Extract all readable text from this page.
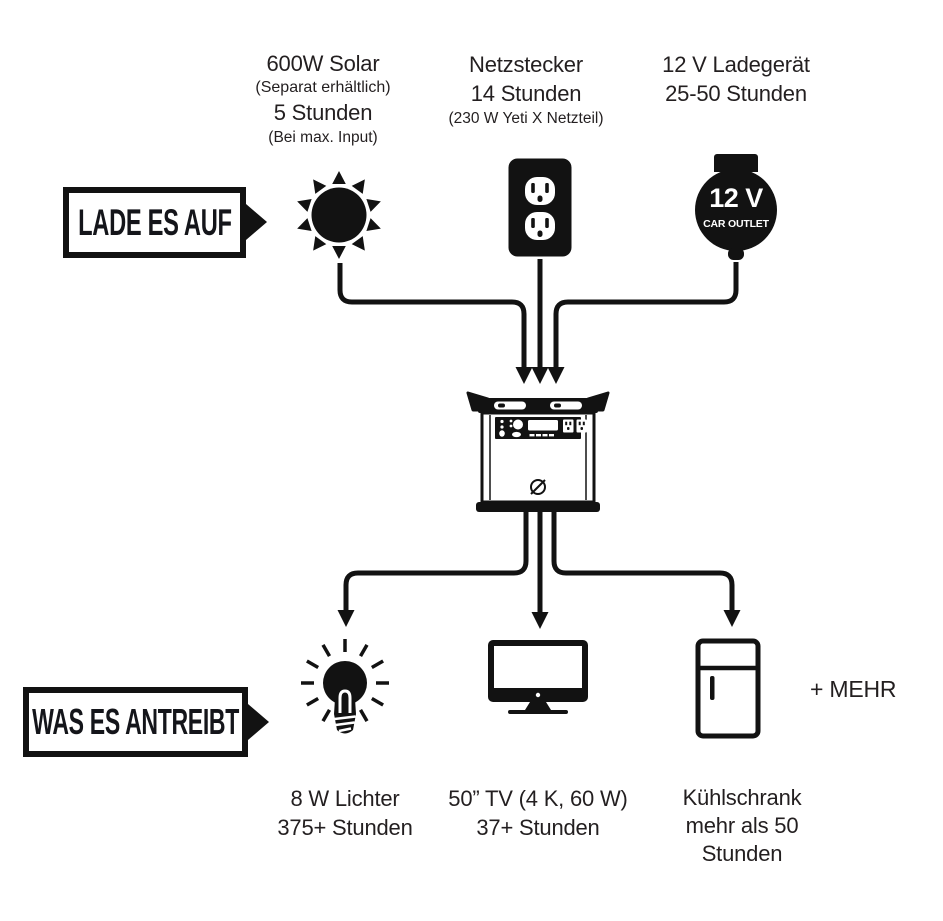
600W Solar
(Separat erhältlich)
5 Stunden
(Bei max. Input)
Netzstecker
14 Stunden
(230 W Yeti X Netzteil)
12 V Ladegerät
25-50 Stunden
LADE ES AUF
12 V
CAR OUTLET
WAS ES ANTREIBT
+ MEHR
8 W Lichter
375+ Stunden
50” TV (4 K, 60 W)
37+ Stunden
Kühlschrank
mehr als 50
Stunden
